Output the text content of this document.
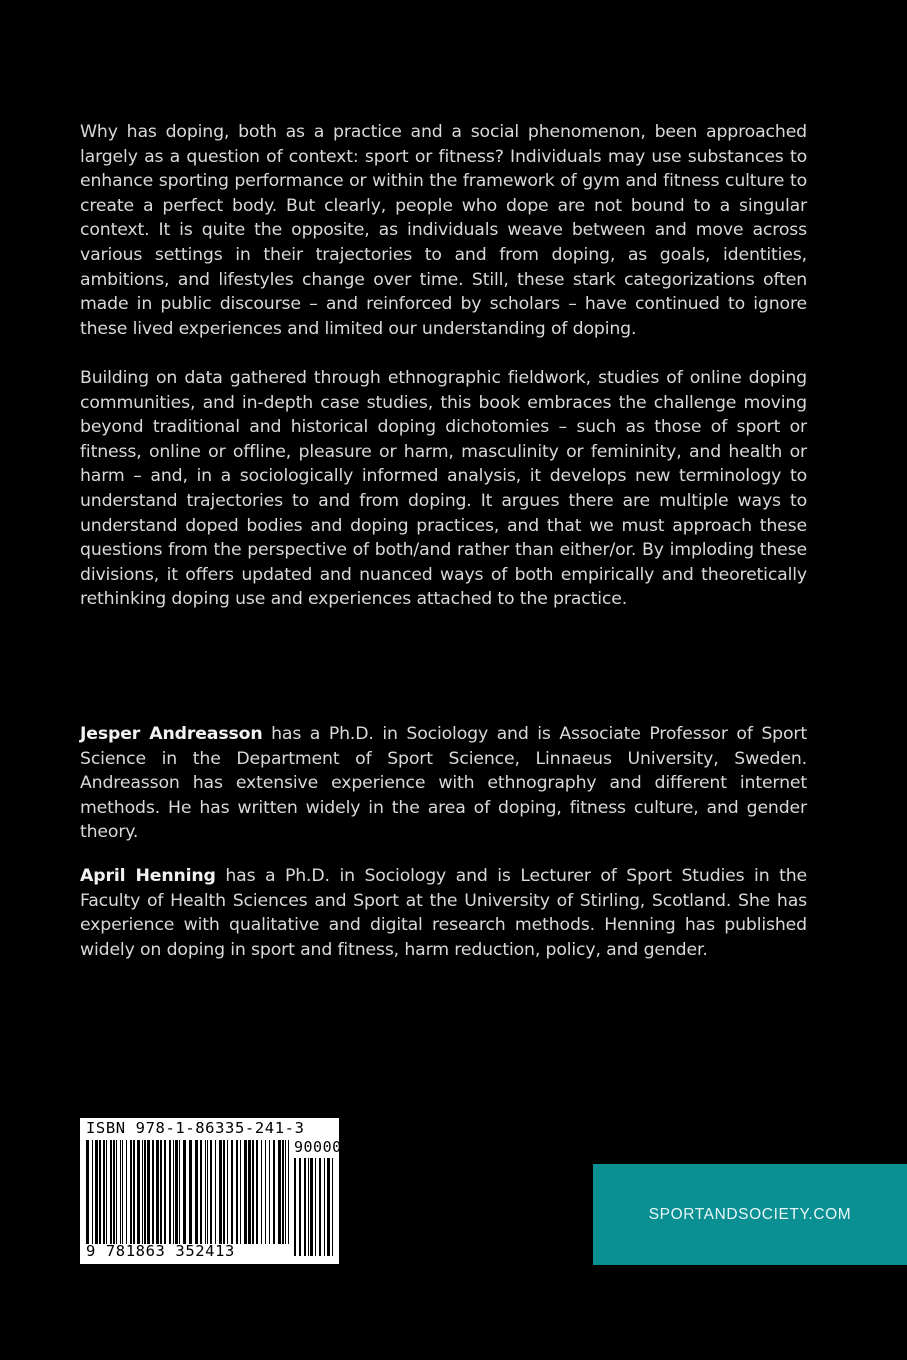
Why has doping, both as a practice and a social phenomenon, been approached largely as a question of context: sport or fitness? Individuals may use substances to enhance sporting performance or within the framework of gym and fitness culture to create a perfect body. But clearly, people who dope are not bound to a singular context. It is quite the opposite, as individuals weave between and move across various settings in their trajectories to and from doping, as goals, identities, ambitions, and lifestyles change over time. Still, these stark categorizations often made in public discourse – and reinforced by scholars – have continued to ignore these lived experiences and limited our understanding of doping.

Building on data gathered through ethnographic fieldwork, studies of online doping communities, and in-depth case studies, this book embraces the challenge moving beyond traditional and historical doping dichotomies – such as those of sport or fitness, online or offline, pleasure or harm, masculinity or femininity, and health or harm – and, in a sociologically informed analysis, it develops new terminology to understand trajectories to and from doping. It argues there are multiple ways to understand doped bodies and doping practices, and that we must approach these questions from the perspective of both/and rather than either/or. By imploding these divisions, it offers updated and nuanced ways of both empirically and theoretically rethinking doping use and experiences attached to the practice.

Jesper Andreasson has a Ph.D. in Sociology and is Associate Professor of Sport Science in the Department of Sport Science, Linnaeus University, Sweden. Andreasson has extensive experience with ethnography and different internet methods. He has written widely in the area of doping, fitness culture, and gender theory.

April Henning has a Ph.D. in Sociology and is Lecturer of Sport Studies in the Faculty of Health Sciences and Sport at the University of Stirling, Scotland. She has experience with qualitative and digital research methods. Henning has published widely on doping in sport and fitness, harm reduction, policy, and gender.

ISBN 978-1-86335-241-3
90000
9 781863 352413
SPORTANDSOCIETY.COM
